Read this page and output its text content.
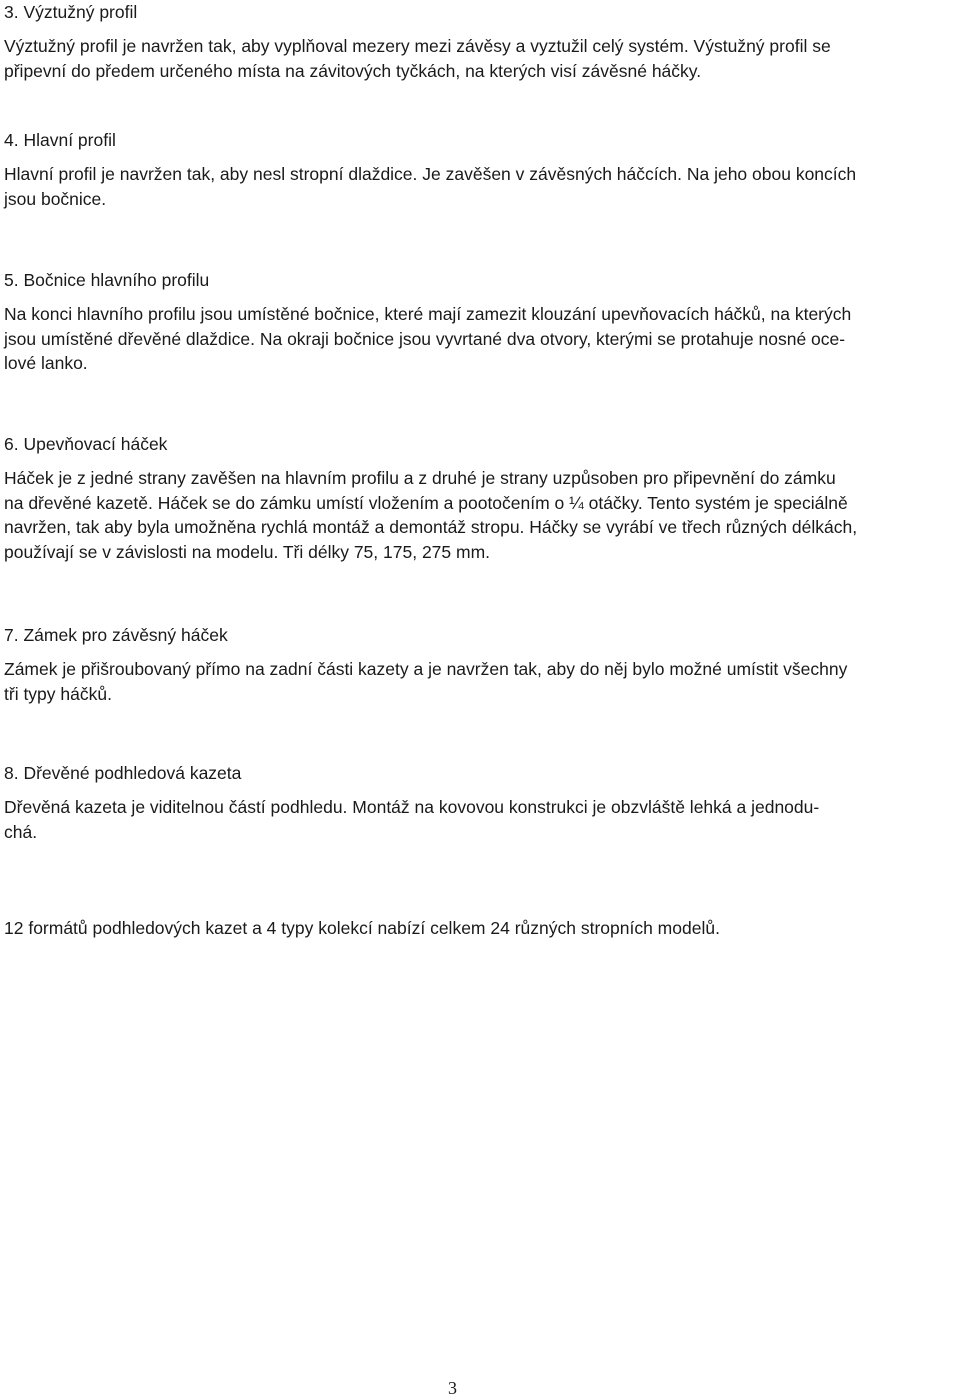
3. Výztužný profil

Výztužný profil je navržen tak, aby vyplňoval mezery mezi závěsy a vyztužil celý systém. Výstužný profil se
připevní do předem určeného místa na závitových tyčkách, na kterých visí závěsné háčky.

4. Hlavní profil

Hlavní profil je navržen tak, aby nesl stropní dlaždice. Je zavěšen v závěsných háčcích. Na jeho obou koncích
jsou bočnice.

5. Bočnice hlavního profilu

Na konci hlavního profilu jsou umístěné bočnice, které mají zamezit klouzání upevňovacích háčků, na kterých
jsou umístěné dřevěné dlaždice. Na okraji bočnice jsou vyvrtané dva otvory, kterými se protahuje nosné oce-
lové lanko.

6. Upevňovací háček

Háček je z jedné strany zavěšen na hlavním profilu a z druhé je strany uzpůsoben pro připevnění do zámku
na dřevěné kazetě. Háček se do zámku umístí vložením a pootočením o ¼ otáčky. Tento systém je speciálně
navržen, tak aby byla umožněna rychlá montáž a demontáž stropu. Háčky se vyrábí ve třech různých délkách,
používají se v závislosti na modelu. Tři délky 75, 175, 275 mm.

7. Zámek pro závěsný háček

Zámek je přišroubovaný přímo na zadní části kazety a je navržen tak, aby do něj bylo možné umístit všechny
tři typy háčků.

8. Dřevěné podhledová kazeta

Dřevěná kazeta je viditelnou částí podhledu. Montáž na kovovou konstrukci je obzvláště lehká a jednodu-
chá.

12 formátů podhledových kazet a 4 typy kolekcí nabízí celkem 24 různých stropních modelů.

3
